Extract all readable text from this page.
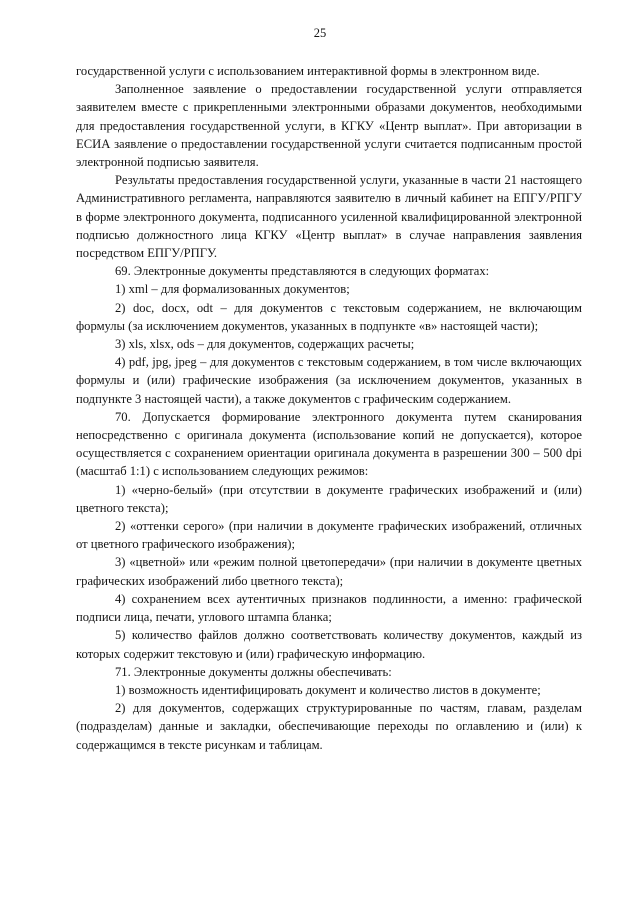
25

государственной услуги с использованием интерактивной формы в электронном виде.

Заполненное заявление о предоставлении государственной услуги отправляется заявителем вместе с прикрепленными электронными образами документов, необходимыми для предоставления государственной услуги, в КГКУ «Центр выплат». При авторизации в ЕСИА заявление о предоставлении государственной услуги считается подписанным простой электронной подписью заявителя.

Результаты предоставления государственной услуги, указанные в части 21 настоящего Административного регламента, направляются заявителю в личный кабинет на ЕПГУ/РПГУ в форме электронного документа, подписанного усиленной квалифицированной электронной подписью должностного лица КГКУ «Центр выплат» в случае направления заявления посредством ЕПГУ/РПГУ.

69. Электронные документы представляются в следующих форматах:

1) xml – для формализованных документов;

2) doc, docx, odt – для документов с текстовым содержанием, не включающим формулы (за исключением документов, указанных в подпункте «в» настоящей части);

3) xls, xlsx, ods – для документов, содержащих расчеты;

4) pdf, jpg, jpeg – для документов с текстовым содержанием, в том числе включающих формулы и (или) графические изображения (за исключением документов, указанных в подпункте 3 настоящей части), а также документов с графическим содержанием.

70. Допускается формирование электронного документа путем сканирования непосредственно с оригинала документа (использование копий не допускается), которое осуществляется с сохранением ориентации оригинала документа в разрешении 300 – 500 dpi (масштаб 1:1) с использованием следующих режимов:

1) «черно-белый» (при отсутствии в документе графических изображений и (или) цветного текста);

2) «оттенки серого» (при наличии в документе графических изображений, отличных от цветного графического изображения);

3) «цветной» или «режим полной цветопередачи» (при наличии в документе цветных графических изображений либо цветного текста);

4) сохранением всех аутентичных признаков подлинности, а именно: графической подписи лица, печати, углового штампа бланка;

5) количество файлов должно соответствовать количеству документов, каждый из которых содержит текстовую и (или) графическую информацию.

71. Электронные документы должны обеспечивать:

1) возможность идентифицировать документ и количество листов в документе;

2) для документов, содержащих структурированные по частям, главам, разделам (подразделам) данные и закладки, обеспечивающие переходы по оглавлению и (или) к содержащимся в тексте рисункам и таблицам.
